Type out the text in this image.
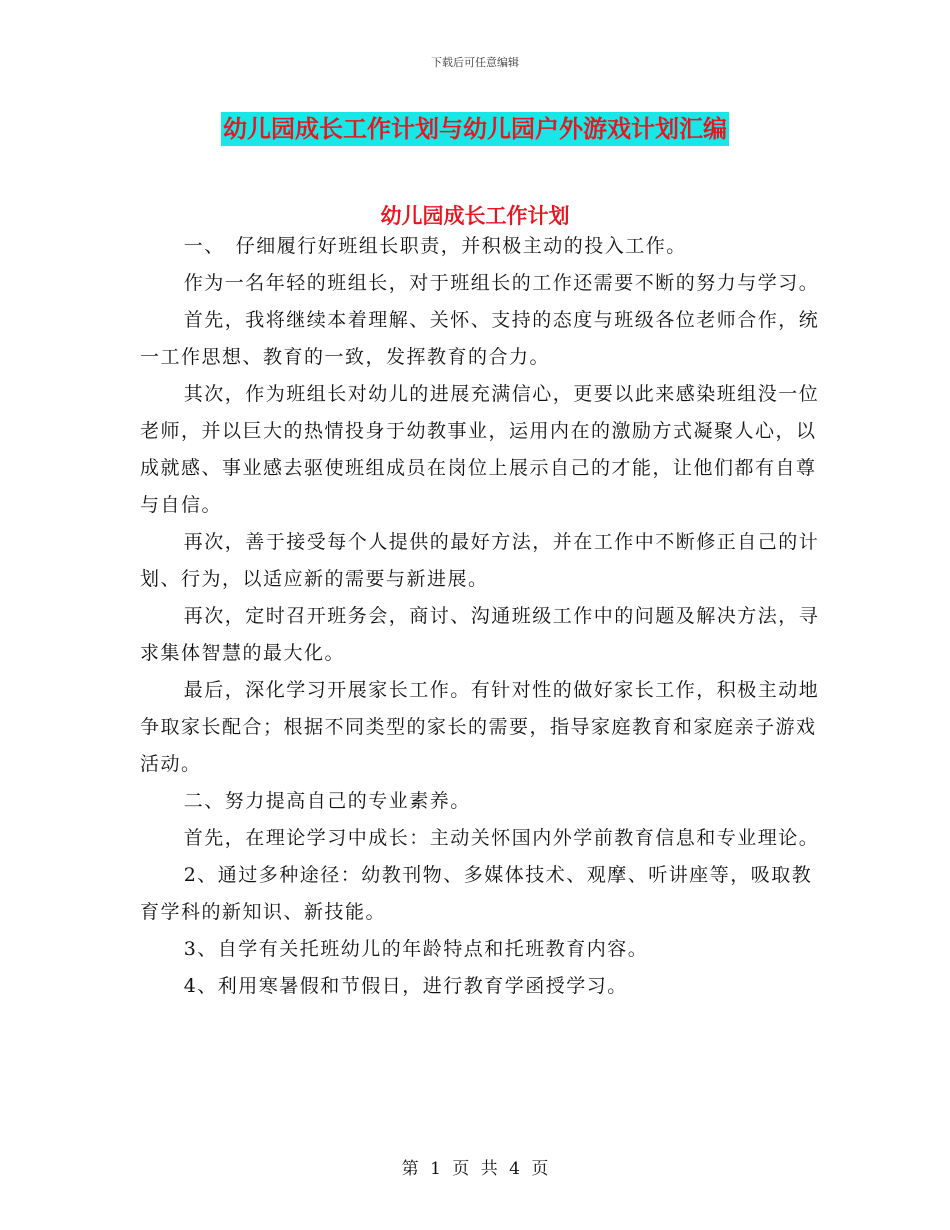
下载后可任意编辑
幼儿园成长工作计划与幼儿园户外游戏计划汇编
幼儿园成长工作计划

一、　仔细履行好班组长职责，并积极主动的投入工作。

作为一名年轻的班组长，对于班组长的工作还需要不断的努力与学习。

首先，我将继续本着理解、关怀、支持的态度与班级各位老师合作，统一工作思想、教育的一致，发挥教育的合力。

其次，作为班组长对幼儿的进展充满信心，更要以此来感染班组没一位老师，并以巨大的热情投身于幼教事业，运用内在的激励方式凝聚人心，以成就感、事业感去驱使班组成员在岗位上展示自己的才能，让他们都有自尊与自信。

再次，善于接受每个人提供的最好方法，并在工作中不断修正自己的计划、行为，以适应新的需要与新进展。

再次，定时召开班务会，商讨、沟通班级工作中的问题及解决方法，寻求集体智慧的最大化。

最后，深化学习开展家长工作。有针对性的做好家长工作，积极主动地争取家长配合；根据不同类型的家长的需要，指导家庭教育和家庭亲子游戏活动。

二、努力提高自己的专业素养。

首先，在理论学习中成长：主动关怀国内外学前教育信息和专业理论。

2、通过多种途径：幼教刊物、多媒体技术、观摩、听讲座等，吸取教育学科的新知识、新技能。

3、自学有关托班幼儿的年龄特点和托班教育内容。

4、利用寒暑假和节假日，进行教育学函授学习。

第 1 页 共 4 页
